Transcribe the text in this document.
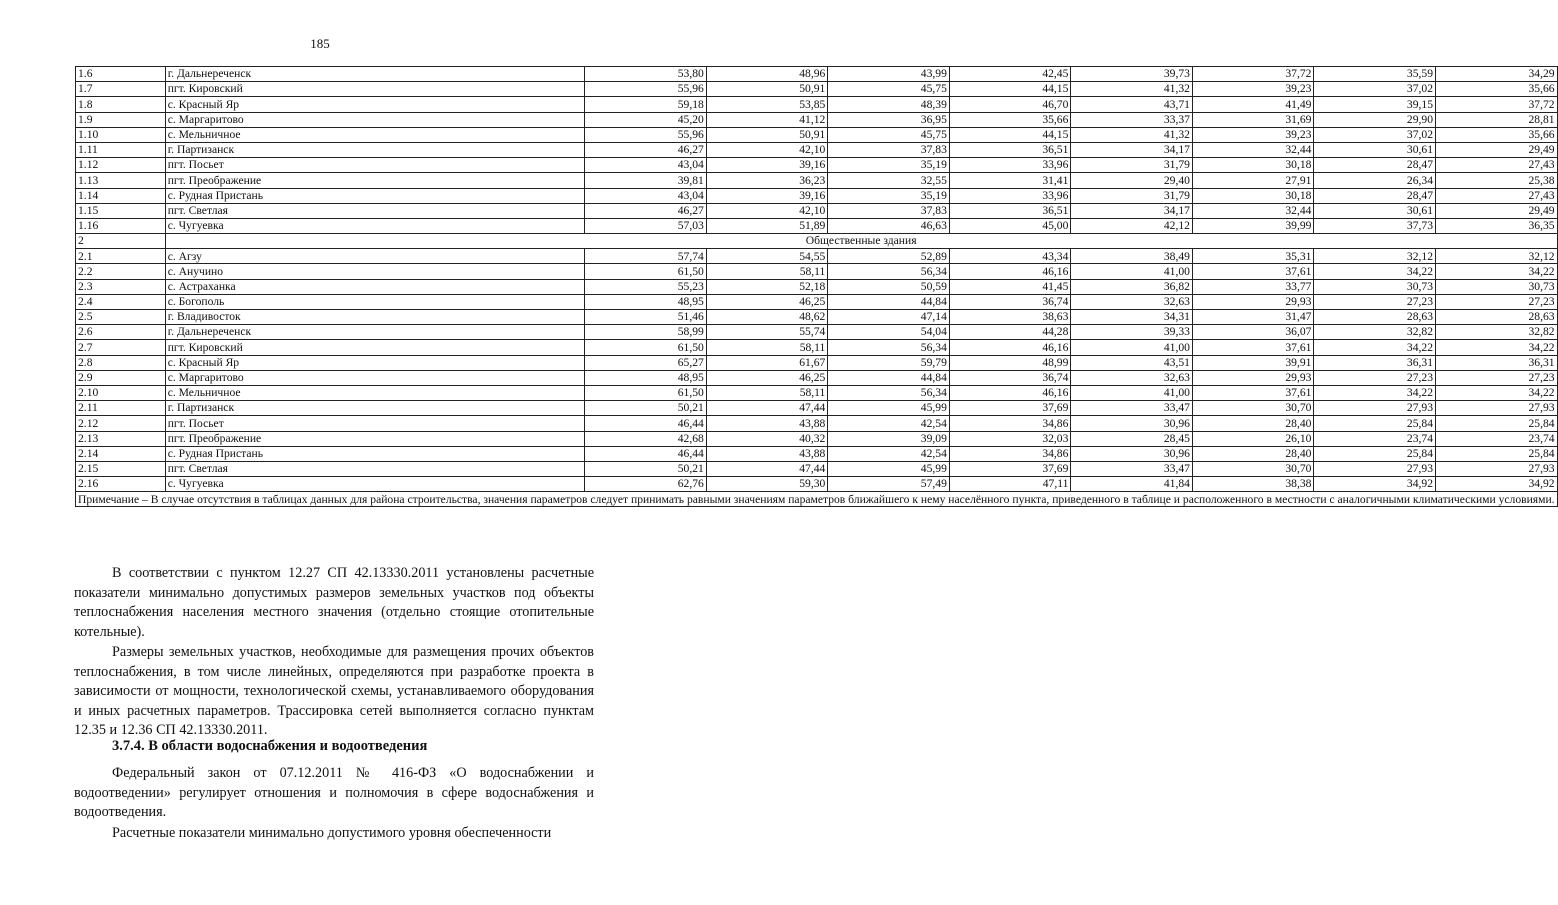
185
1.6	г. Дальнереченск	53,80	48,96	43,99	42,45	39,73	37,72	35,59	34,29
1.7	пгт. Кировский	55,96	50,91	45,75	44,15	41,32	39,23	37,02	35,66
1.8	с. Красный Яр	59,18	53,85	48,39	46,70	43,71	41,49	39,15	37,72
1.9	с. Маргаритово	45,20	41,12	36,95	35,66	33,37	31,69	29,90	28,81
1.10	с. Мельничное	55,96	50,91	45,75	44,15	41,32	39,23	37,02	35,66
1.11	г. Партизанск	46,27	42,10	37,83	36,51	34,17	32,44	30,61	29,49
1.12	пгт. Посьет	43,04	39,16	35,19	33,96	31,79	30,18	28,47	27,43
1.13	пгт. Преображение	39,81	36,23	32,55	31,41	29,40	27,91	26,34	25,38
1.14	с. Рудная Пристань	43,04	39,16	35,19	33,96	31,79	30,18	28,47	27,43
1.15	пгт. Светлая	46,27	42,10	37,83	36,51	34,17	32,44	30,61	29,49
1.16	с. Чугуевка	57,03	51,89	46,63	45,00	42,12	39,99	37,73	36,35
2	Общественные здания								
2.1	с. Агзу	57,74	54,55	52,89	43,34	38,49	35,31	32,12	32,12
2.2	с. Анучино	61,50	58,11	56,34	46,16	41,00	37,61	34,22	34,22
2.3	с. Астраханка	55,23	52,18	50,59	41,45	36,82	33,77	30,73	30,73
2.4	с. Богополь	48,95	46,25	44,84	36,74	32,63	29,93	27,23	27,23
2.5	г. Владивосток	51,46	48,62	47,14	38,63	34,31	31,47	28,63	28,63
2.6	г. Дальнереченск	58,99	55,74	54,04	44,28	39,33	36,07	32,82	32,82
2.7	пгт. Кировский	61,50	58,11	56,34	46,16	41,00	37,61	34,22	34,22
2.8	с. Красный Яр	65,27	61,67	59,79	48,99	43,51	39,91	36,31	36,31
2.9	с. Маргаритово	48,95	46,25	44,84	36,74	32,63	29,93	27,23	27,23
2.10	с. Мельничное	61,50	58,11	56,34	46,16	41,00	37,61	34,22	34,22
2.11	г. Партизанск	50,21	47,44	45,99	37,69	33,47	30,70	27,93	27,93
2.12	пгт. Посьет	46,44	43,88	42,54	34,86	30,96	28,40	25,84	25,84
2.13	пгт. Преображение	42,68	40,32	39,09	32,03	28,45	26,10	23,74	23,74
2.14	с. Рудная Пристань	46,44	43,88	42,54	34,86	30,96	28,40	25,84	25,84
2.15	пгт. Светлая	50,21	47,44	45,99	37,69	33,47	30,70	27,93	27,93
2.16	с. Чугуевка	62,76	59,30	57,49	47,11	41,84	38,38	34,92	34,92
Примечание – В случае отсутствия в таблицах данных для района строительства, значения параметров следует принимать равными значениям параметров ближайшего к нему населённого пункта, приведенного в таблице и расположенного в местности с аналогичными климатическими условиями.									

В соответствии с пунктом 12.27 СП 42.13330.2011 установлены расчетные показатели минимально допустимых размеров земельных участков под объекты теплоснабжения населения местного значения (отдельно стоящие отопительные котельные).

Размеры земельных участков, необходимые для размещения прочих объектов теплоснабжения, в том числе линейных, определяются при разработке проекта в зависимости от мощности, технологической схемы, устанавливаемого оборудования и иных расчетных параметров. Трассировка сетей выполняется согласно пунктам 12.35 и 12.36 СП 42.13330.2011.

3.7.4. В области водоснабжения и водоотведения

Федеральный закон от 07.12.2011 № 416-ФЗ «О водоснабжении и водоотведении» регулирует отношения и полномочия в сфере водоснабжения и водоотведения.

Расчетные показатели минимально допустимого уровня обеспеченности
